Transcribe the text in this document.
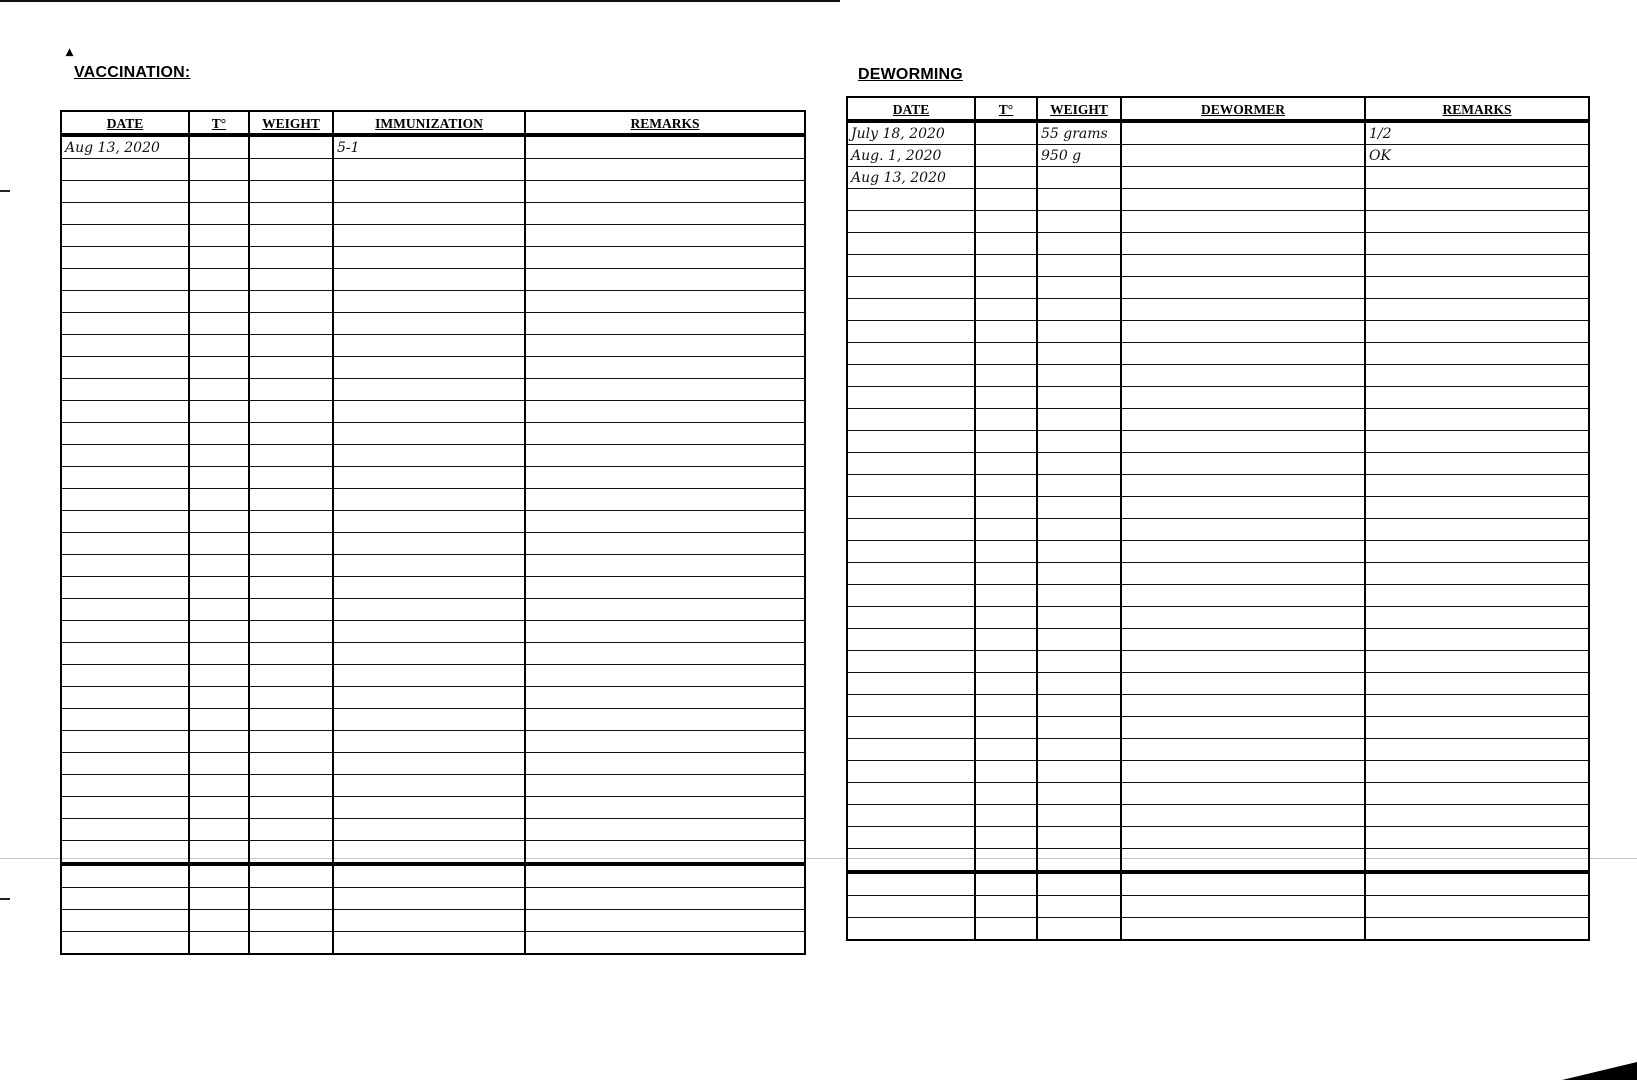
▴
VACCINATION:
DATE	T°	WEIGHT	IMMUNIZATION	REMARKS
Aug 13, 2020			5-1	

DEWORMING
DATE	T°	WEIGHT	DEWORMER	REMARKS
July 18, 2020		55 grams		1/2
Aug. 1, 2020		950 g		OK
Aug 13, 2020				
